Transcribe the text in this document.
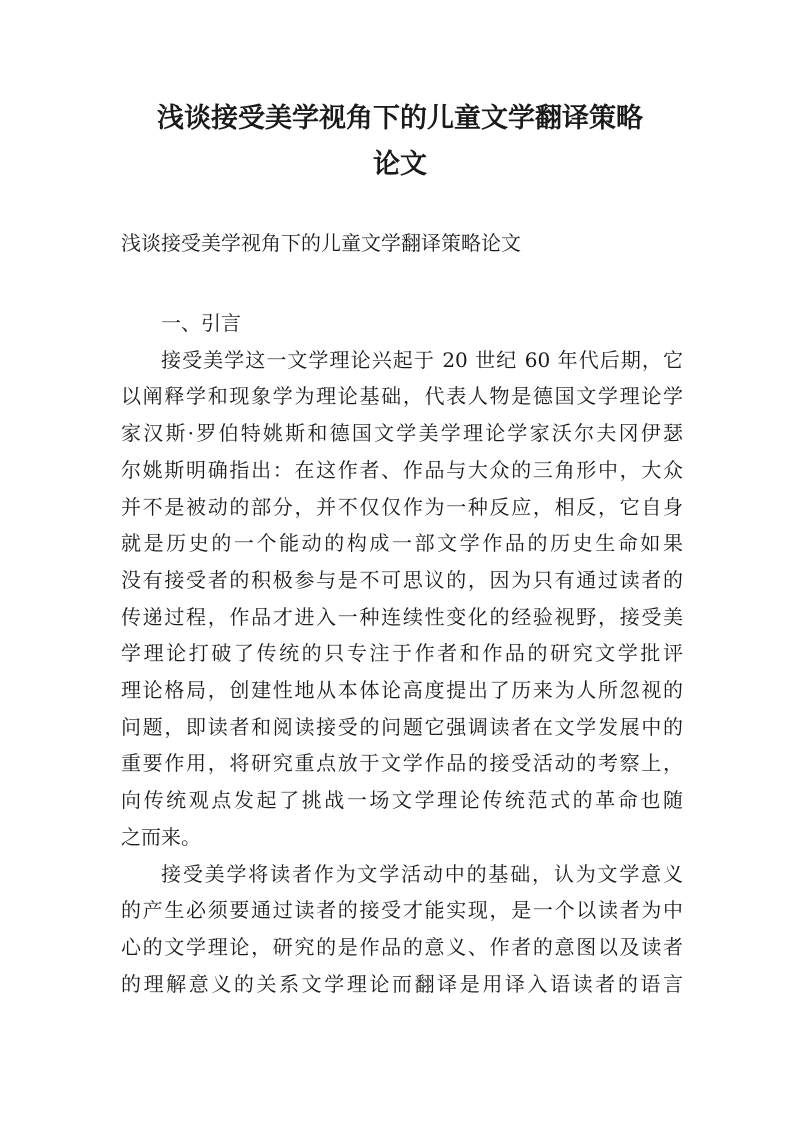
浅谈接受美学视角下的儿童文学翻译策略
论文

浅谈接受美学视角下的儿童文学翻译策略论文

一、引言

接受美学这一文学理论兴起于 20 世纪 60 年代后期，它
以阐释学和现象学为理论基础，代表人物是德国文学理论学
家汉斯·罗伯特姚斯和德国文学美学理论学家沃尔夫冈伊瑟
尔姚斯明确指出：在这作者、作品与大众的三角形中，大众
并不是被动的部分，并不仅仅作为一种反应，相反，它自身
就是历史的一个能动的构成一部文学作品的历史生命如果
没有接受者的积极参与是不可思议的，因为只有通过读者的
传递过程，作品才进入一种连续性变化的经验视野，接受美
学理论打破了传统的只专注于作者和作品的研究文学批评
理论格局，创建性地从本体论高度提出了历来为人所忽视的
问题，即读者和阅读接受的问题它强调读者在文学发展中的
重要作用，将研究重点放于文学作品的接受活动的考察上，
向传统观点发起了挑战一场文学理论传统范式的革命也随
之而来。
接受美学将读者作为文学活动中的基础，认为文学意义
的产生必须要通过读者的接受才能实现，是一个以读者为中
心的文学理论，研究的是作品的意义、作者的意图以及读者
的理解意义的关系文学理论而翻译是用译入语读者的语言
